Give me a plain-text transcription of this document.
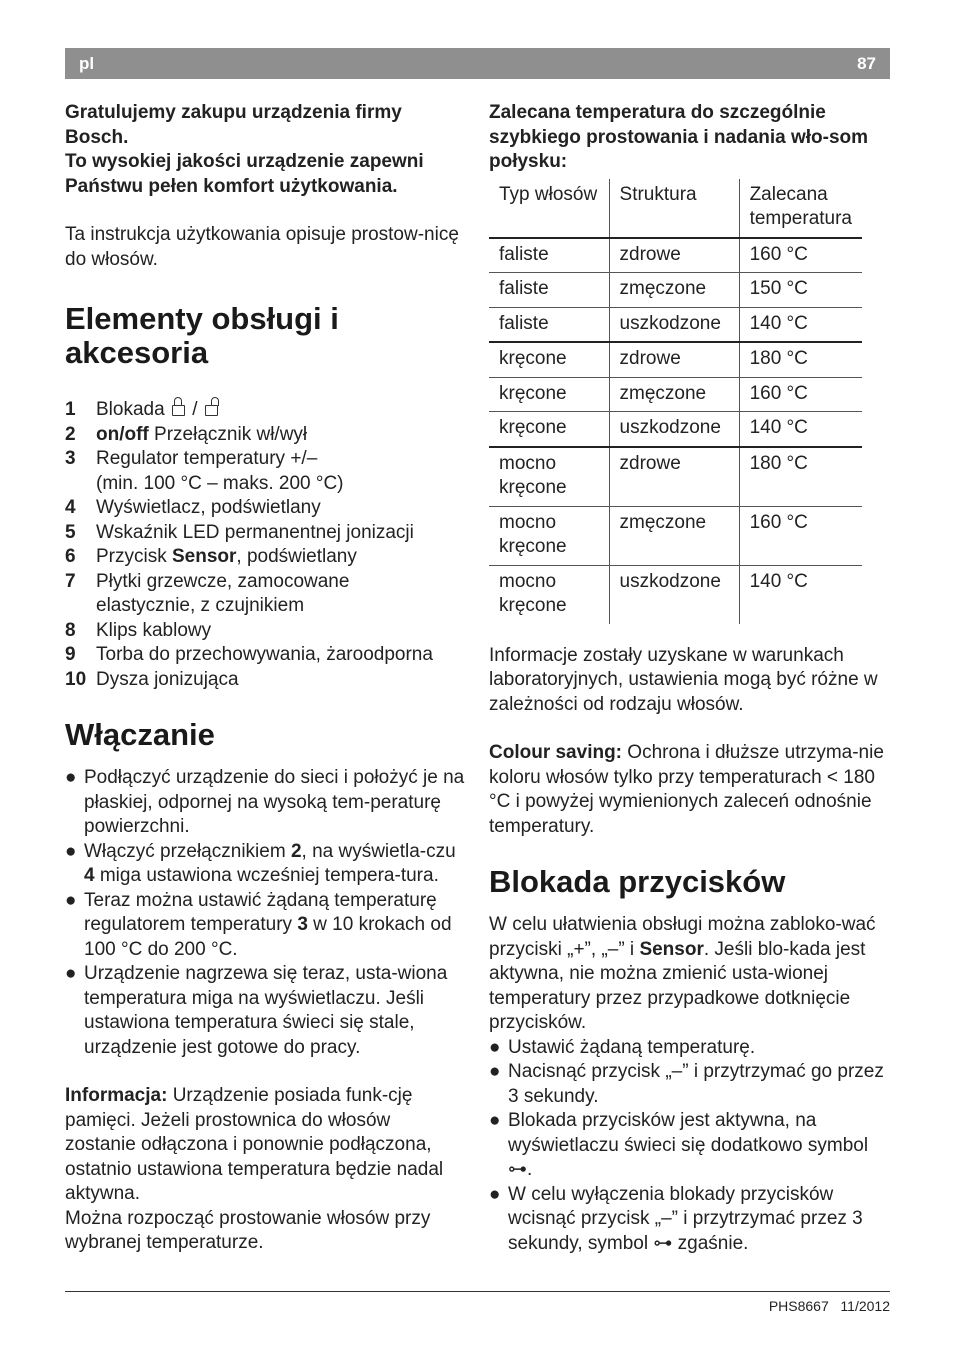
pl	87

Gratulujemy zakupu urządzenia firmy Bosch.

To wysokiej jakości urządzenie zapewni Państwu pełen komfort użytkowania.

Ta instrukcja użytkowania opisuje prostow-nicę do włosów.

Elementy obsługi i akcesoria
1	Blokada /
2	on/off Przełącznik wł/wył
3	Regulator temperatury +/–
(min. 100 °C – maks. 200 °C)
4	Wyświetlacz, podświetlany
5	Wskaźnik LED permanentnej jonizacji
6	Przycisk Sensor, podświetlany
7	Płytki grzewcze, zamocowane
elastycznie, z czujnikiem
8	Klips kablowy
9	Torba do przechowywania, żaroodporna
10 Dysza jonizująca
Włączanie
● Podłączyć urządzenie do sieci i położyć je na płaskiej, odpornej na wysoką tem-peraturę powierzchni.
● Włączyć przełącznikiem 2, na wyświetla-czu 4 miga ustawiona wcześniej tempera-tura.
● Teraz można ustawić żądaną temperaturę regulatorem temperatury 3 w 10 krokach od 100 °C do 200 °C.
● Urządzenie nagrzewa się teraz, usta-wiona temperatura miga na wyświetlaczu. Jeśli ustawiona temperatura świeci się stale, urządzenie jest gotowe do pracy.

Informacja: Urządzenie posiada funk-cję pamięci. Jeżeli prostownica do włosów zostanie odłączona i ponownie podłączona, ostatnio ustawiona temperatura będzie nadal aktywna.

Można rozpocząć prostowanie włosów przy wybranej temperaturze.

Zalecana temperatura do szczególnie szybkiego prostowania i nadania wło-som połysku:

Typ włosów	Struktura	Zalecana temperatura
faliste	zdrowe	160 °C
faliste	zmęczone	150 °C
faliste	uszkodzone	140 °C
kręcone	zdrowe	180 °C
kręcone	zmęczone	160 °C
kręcone	uszkodzone	140 °C
mocno kręcone	zdrowe	180 °C
mocno kręcone	zmęczone	160 °C
mocno kręcone	uszkodzone	140 °C

Informacje zostały uzyskane w warunkach laboratoryjnych, ustawienia mogą być różne w zależności od rodzaju włosów.

Colour saving: Ochrona i dłuższe utrzyma-nie koloru włosów tylko przy temperaturach < 180 °C i powyżej wymienionych zaleceń odnośnie temperatury.

Blokada przycisków

W celu ułatwienia obsługi można zabloko-wać przyciski „+”, „–” i Sensor. Jeśli blo-kada jest aktywna, nie można zmienić usta-wionej temperatury przez przypadkowe dotknięcie przycisków.

● Ustawić żądaną temperaturę.
● Nacisnąć przycisk „–” i przytrzymać go przez 3 sekundy.
● Blokada przycisków jest aktywna, na wyświetlaczu świeci się dodatkowo symbol ⊶.
● W celu wyłączenia blokady przycisków wcisnąć przycisk „–” i przytrzymać przez 3 sekundy, symbol ⊶ zgaśnie.
PHS8667 11/2012
